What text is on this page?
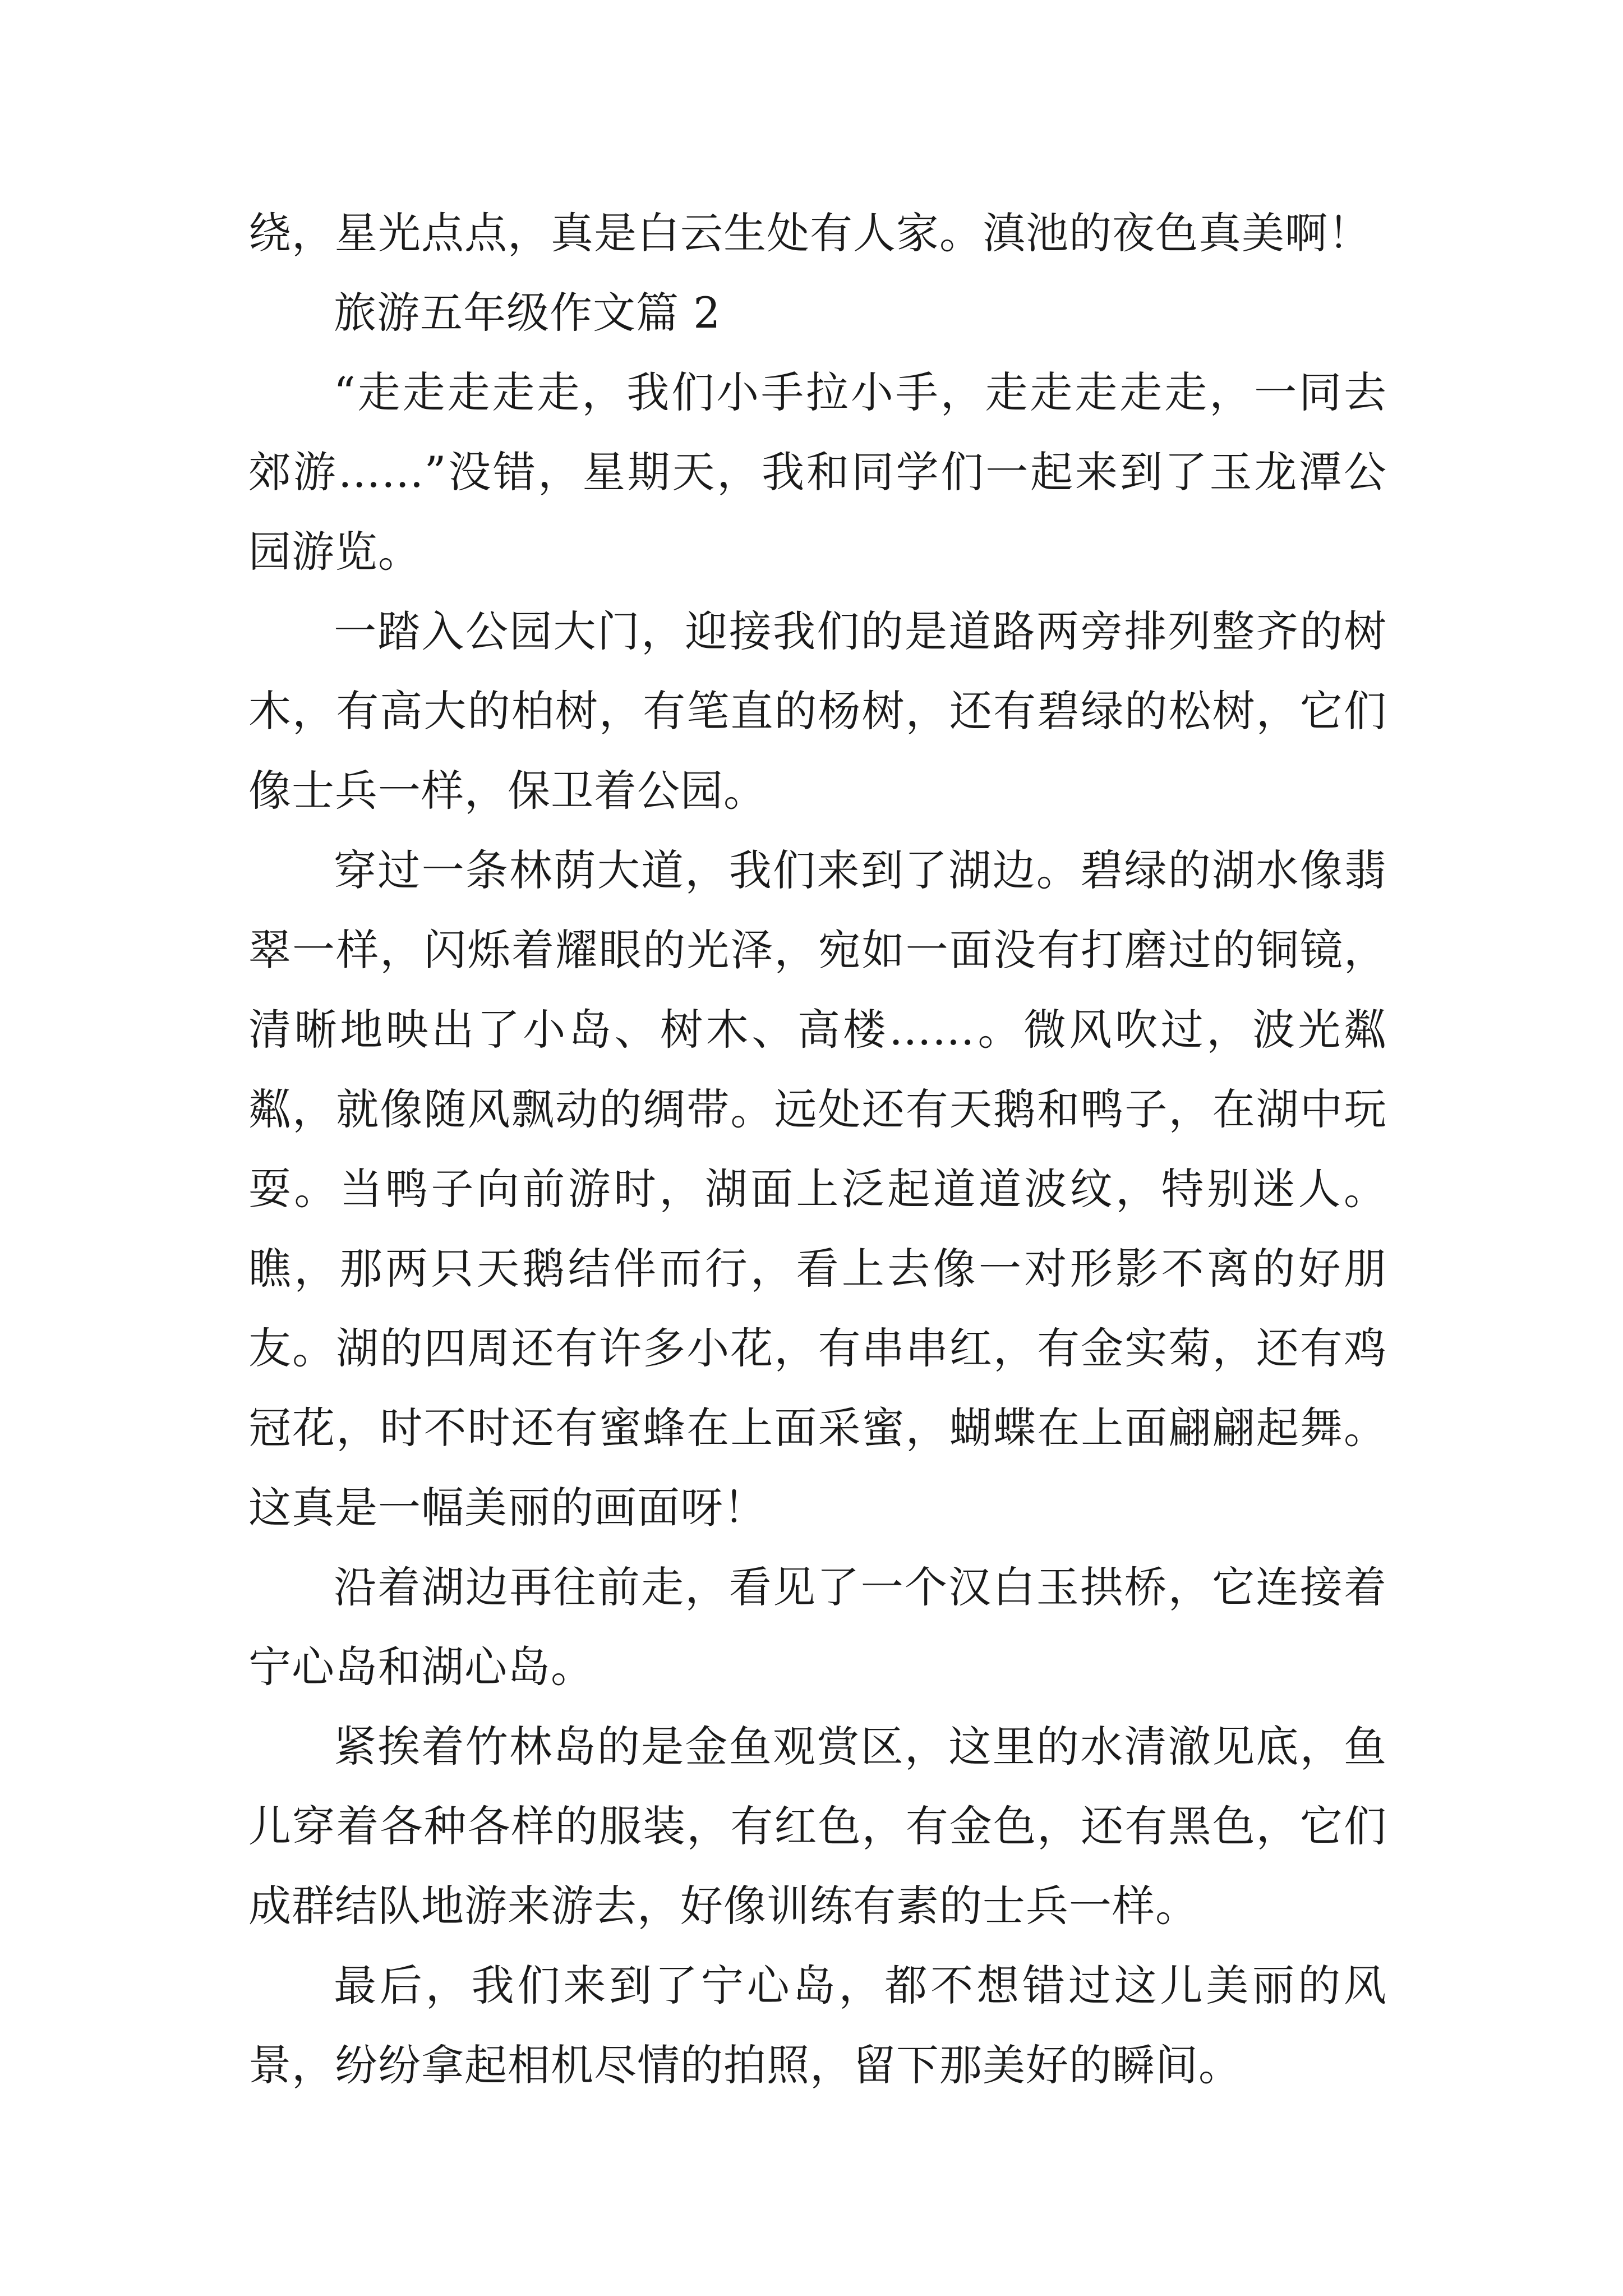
绕，星光点点，真是白云生处有人家。滇池的夜色真美啊！

旅游五年级作文篇 2

“走走走走走，我们小手拉小手，走走走走走，一同去郊游……”没错，星期天，我和同学们一起来到了玉龙潭公园游览。

一踏入公园大门，迎接我们的是道路两旁排列整齐的树木，有高大的柏树，有笔直的杨树，还有碧绿的松树，它们像士兵一样，保卫着公园。

穿过一条林荫大道，我们来到了湖边。碧绿的湖水像翡翠一样，闪烁着耀眼的光泽，宛如一面没有打磨过的铜镜，清晰地映出了小岛、树木、高楼……。微风吹过，波光粼粼，就像随风飘动的绸带。远处还有天鹅和鸭子，在湖中玩耍。当鸭子向前游时，湖面上泛起道道波纹，特别迷人。瞧，那两只天鹅结伴而行，看上去像一对形影不离的好朋友。湖的四周还有许多小花，有串串红，有金实菊，还有鸡冠花，时不时还有蜜蜂在上面采蜜，蝴蝶在上面翩翩起舞。这真是一幅美丽的画面呀！

沿着湖边再往前走，看见了一个汉白玉拱桥，它连接着宁心岛和湖心岛。

紧挨着竹林岛的是金鱼观赏区，这里的水清澈见底，鱼儿穿着各种各样的服装，有红色，有金色，还有黑色，它们成群结队地游来游去，好像训练有素的士兵一样。

最后，我们来到了宁心岛，都不想错过这儿美丽的风景，纷纷拿起相机尽情的拍照，留下那美好的瞬间。
